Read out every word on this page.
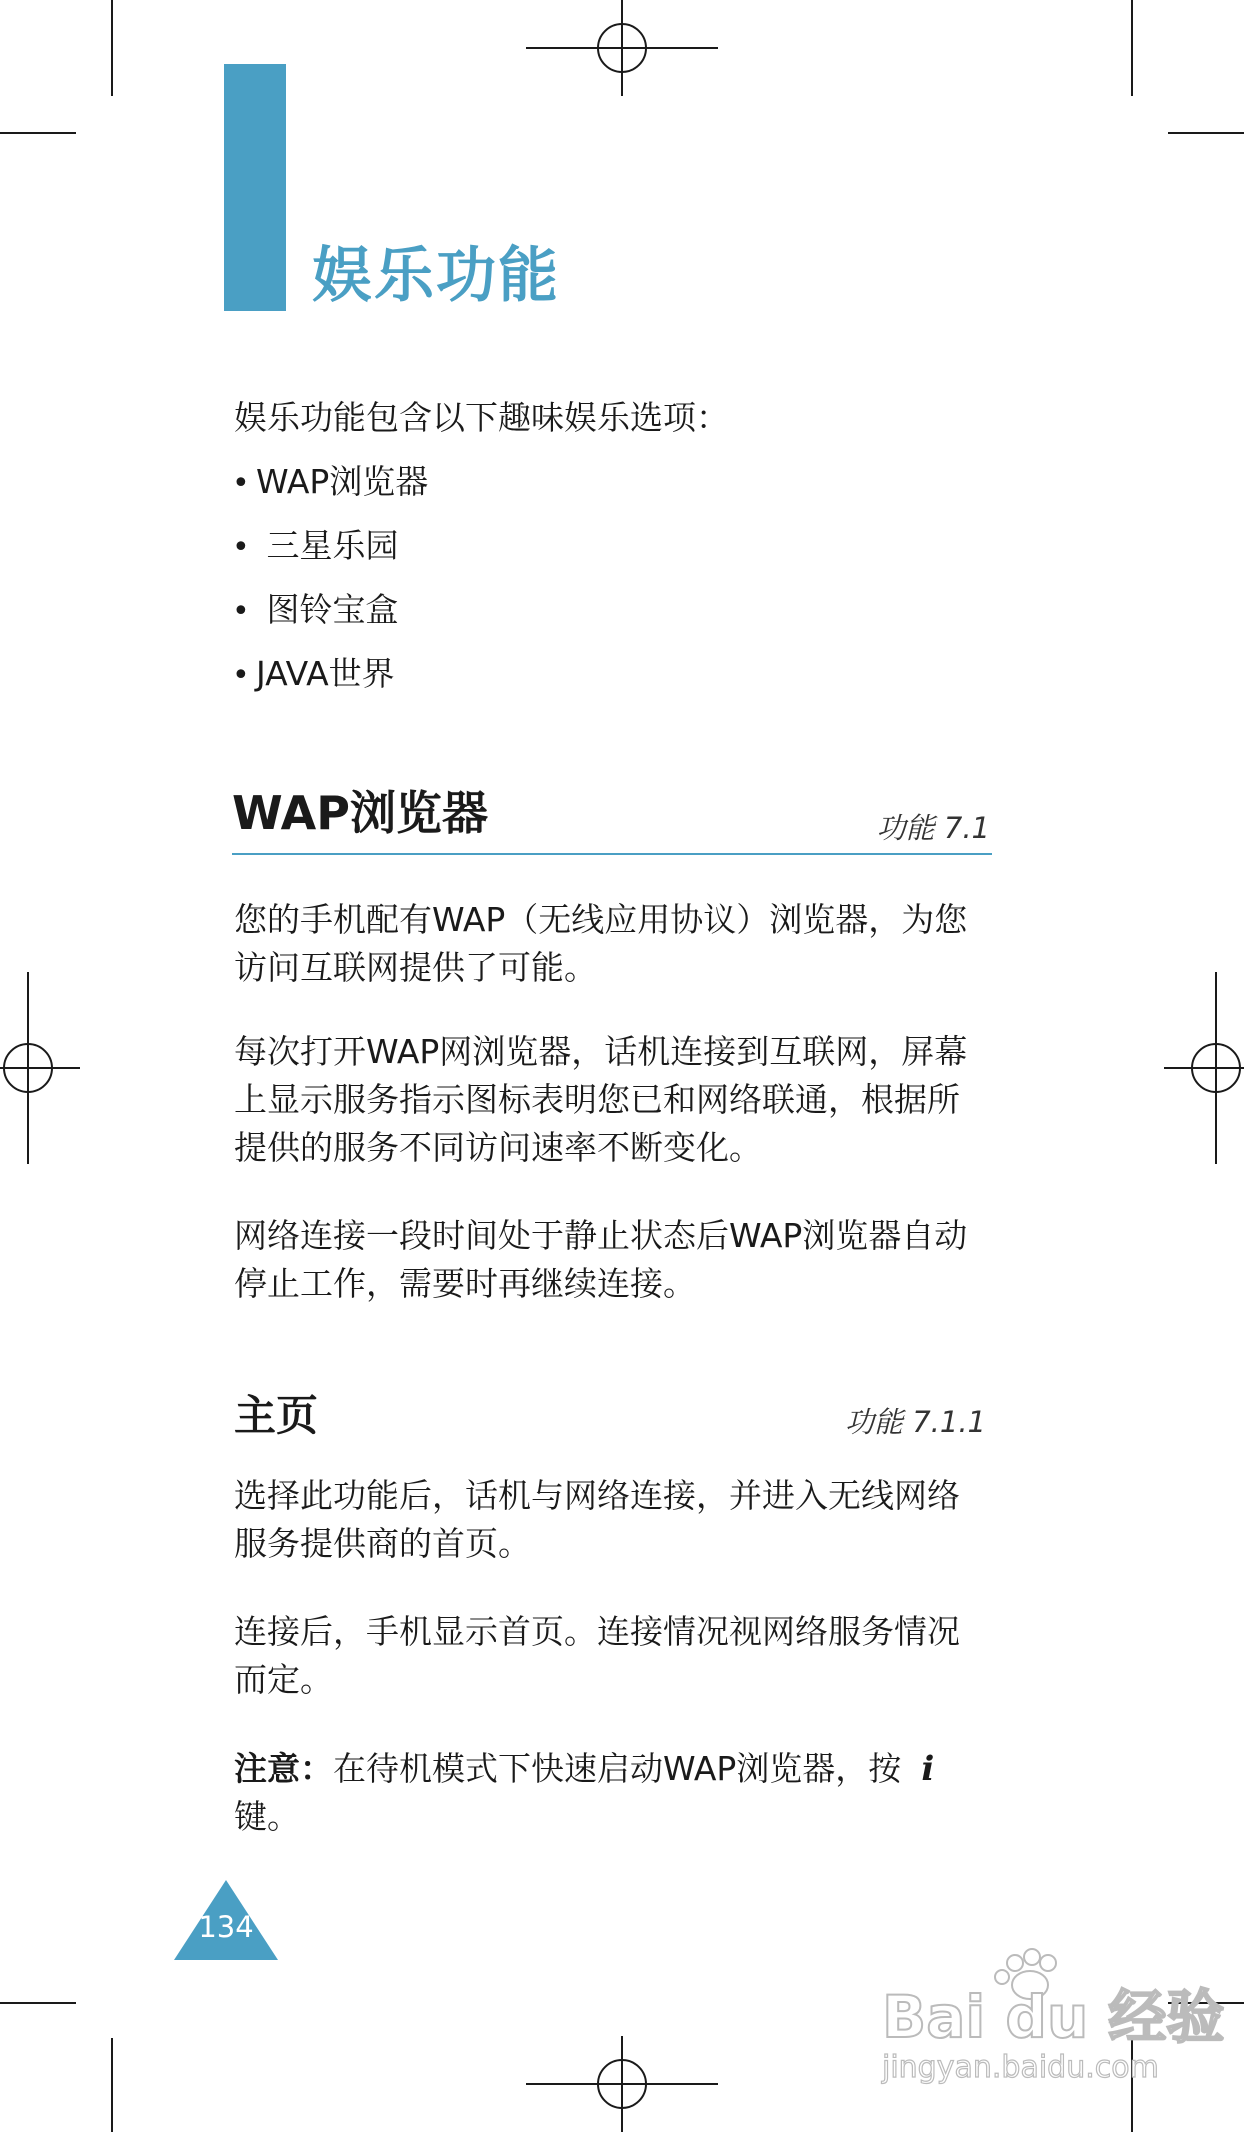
娱乐功能
娱乐功能包含以下趣味娱乐选项：
• WAP浏览器
• 三星乐园
• 图铃宝盒
• JAVA世界
WAP浏览器	功能 7.1
您的手机配有WAP（无线应用协议）浏览器，为您
访问互联网提供了可能。
每次打开WAP网浏览器，话机连接到互联网，屏幕
上显示服务指示图标表明您已和网络联通，根据所
提供的服务不同访问速率不断变化。
网络连接一段时间处于静止状态后WAP浏览器自动
停止工作，需要时再继续连接。
主页	功能 7.1.1
选择此功能后，话机与网络连接，并进入无线网络
服务提供商的首页。
连接后，手机显示首页。连接情况视网络服务情况
而定。
注意：在待机模式下快速启动WAP浏览器，按 i键。
134
Bai du 经验
jingyan.baidu.com
